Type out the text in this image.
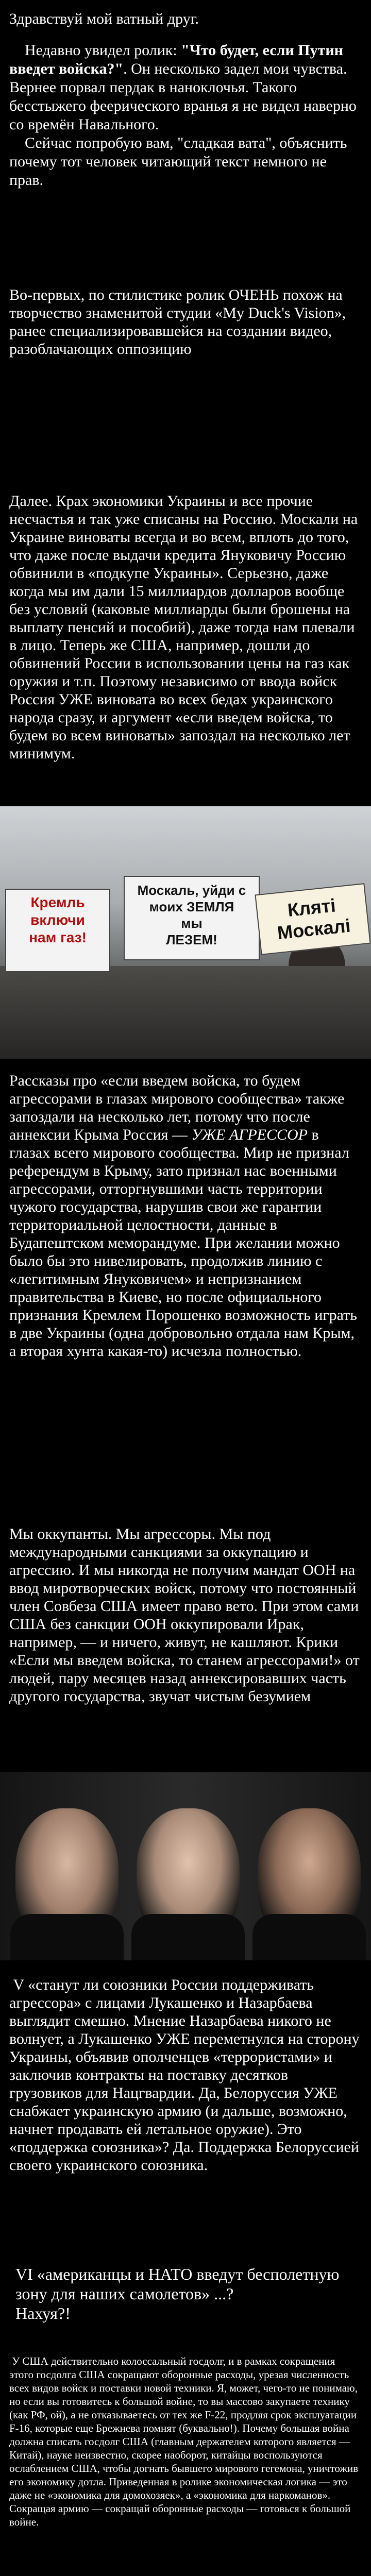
Здравствуй мой ватный друг.
Недавно увидел ролик: "Что будет, если Путин введет войска?". Он несколько задел мои чувства. Вернее порвал пердак в наноклочья. Такого бесстыжего феерического вранья я не видел наверно со времён Навального.
Сейчас попробую вам, "сладкая вата", объяснить почему тот человек читающий текст немного не прав.
Во-первых, по стилистике ролик ОЧЕНЬ похож на творчество знаменитой студии «My Duck's Vision», ранее специализировавшейся на создании видео, разоблачающих оппозицию
Далее. Крах экономики Украины и все прочие несчастья и так уже списаны на Россию. Москали на Украине виноваты всегда и во всем, вплоть до того, что даже после выдачи кредита Януковичу Россию обвинили в «подкупе Украины». Серьезно, даже когда мы им дали 15 миллиардов долларов вообще без условий (каковые миллиарды были брошены на выплату пенсий и пособий), даже тогда нам плевали в лицо. Теперь же США, например, дошли до обвинений России в использовании цены на газ как оружия и т.п. Поэтому независимо от ввода войск Россия УЖЕ виновата во всех бедах украинского народа сразу, и аргумент «если введем войска, то будем во всем виноваты» запоздал на несколько лет минимум.
Кремль
включи
нам газ!
Москаль, уйди с
моих ЗЕМЛЯ
мы
ЛЕЗЕМ!
Кляті
Москалі
Рассказы про «если введем войска, то будем агрессорами в глазах мирового сообщества» также запоздали на несколько лет, потому что после аннексии Крыма Россия — УЖЕ АГРЕССОР в глазах всего мирового сообщества. Мир не признал референдум в Крыму, зато признал нас военными агрессорами, отторгнувшими часть территории чужого государства, нарушив свои же гарантии территориальной целостности, данные в Будапештском меморандуме. При желании можно было бы это нивелировать, продолжив линию с «легитимным Януковичем» и непризнанием правительства в Киеве, но после официального признания Кремлем Порошенко возможность играть в две Украины (одна добровольно отдала нам Крым, а вторая хунта какая-то) исчезла полностью.
Мы оккупанты. Мы агрессоры. Мы под международными санкциями за оккупацию и агрессию. И мы никогда не получим мандат ООН на ввод миротворческих войск, потому что постоянный член Совбеза США имеет право вето. При этом сами США без санкции ООН оккупировали Ирак, например, — и ничего, живут, не кашляют. Крики «Если мы введем войска, то станем агрессорами!» от людей, пару месяцев назад аннексировавших часть другого государства, звучат чистым безумием
V «станут ли союзники России поддерживать агрессора» с лицами Лукашенко и Назарбаева выглядит смешно. Мнение Назарбаева никого не волнует, а Лукашенко УЖЕ переметнулся на сторону Украины, объявив ополченцев «террористами» и заключив контракты на поставку десятков грузовиков для Нацгвардии. Да, Белоруссия УЖЕ снабжает украинскую армию (и дальше, возможно, начнет продавать ей летальное оружие). Это «поддержка союзника»? Да. Поддержка Белоруссией своего украинского союзника.
VI «американцы и НАТО введут бесполетную зону для наших самолетов» ...?
Нахуя?!
У США действительно колоссальный госдолг, и в рамках сокращения этого госдолга США сокращают оборонные расходы, урезая численность всех видов войск и поставки новой техники. Я, может, чего-то не понимаю, но если вы готовитесь к большой войне, то вы массово закупаете технику (как РФ, ой), а не отказываетесь от тех же F-22, продляя срок эксплуатации F-16, которые еще Брежнева помнят (буквально!). Почему большая война должна списать госдолг США (главным держателем которого является — Китай), науке неизвестно, скорее наоборот, китайцы воспользуются ослаблением США, чтобы догнать бывшего мирового гегемона, уничтожив его экономику дотла. Приведенная в ролике экономическая логика — это даже не «экономика для домохозяек», а «экономика для наркоманов». Сокращая армию — сокращай оборонные расходы — готовься к большой войне.
